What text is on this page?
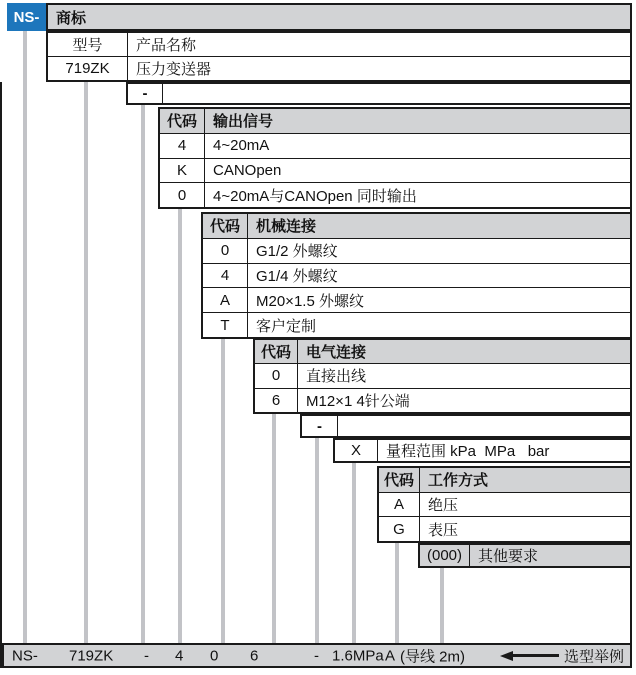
NS- 商标
型号 产品名称
719ZK 压力变送器
-
代码 输出信号
4 4~20mA
K CANOpen
0 4~20mA与CANOpen 同时输出
代码 机械连接
0 G1/2 外螺纹
4 G1/4 外螺纹
A M20×1.5 外螺纹
T 客户定制
代码 电气连接
0 直接出线
6 M12×1 4针公端
-
X 量程范围 kPa  MPa   bar
代码 工作方式
A 绝压
G 表压
(000) 其他要求
NS- 719ZK - 4 0 6	- 1.6MPa A (导线 2m)	选型举例
